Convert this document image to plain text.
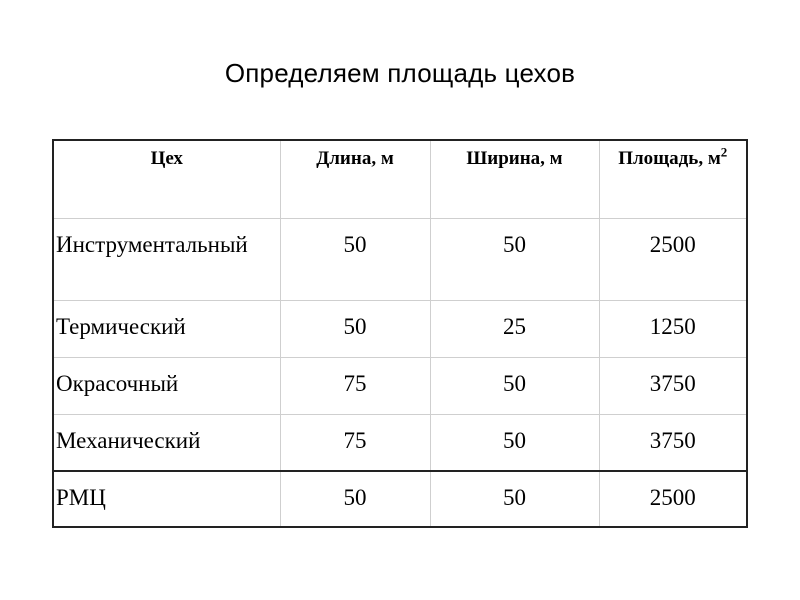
Определяем площадь цехов
Цех	Длина, м	Ширина, м	Площадь, $м^2$
Инструментальный	50	50	2500
Термический	50	25	1250
Окрасочный	75	50	3750
Механический	75	50	3750
РМЦ	50	50	2500
